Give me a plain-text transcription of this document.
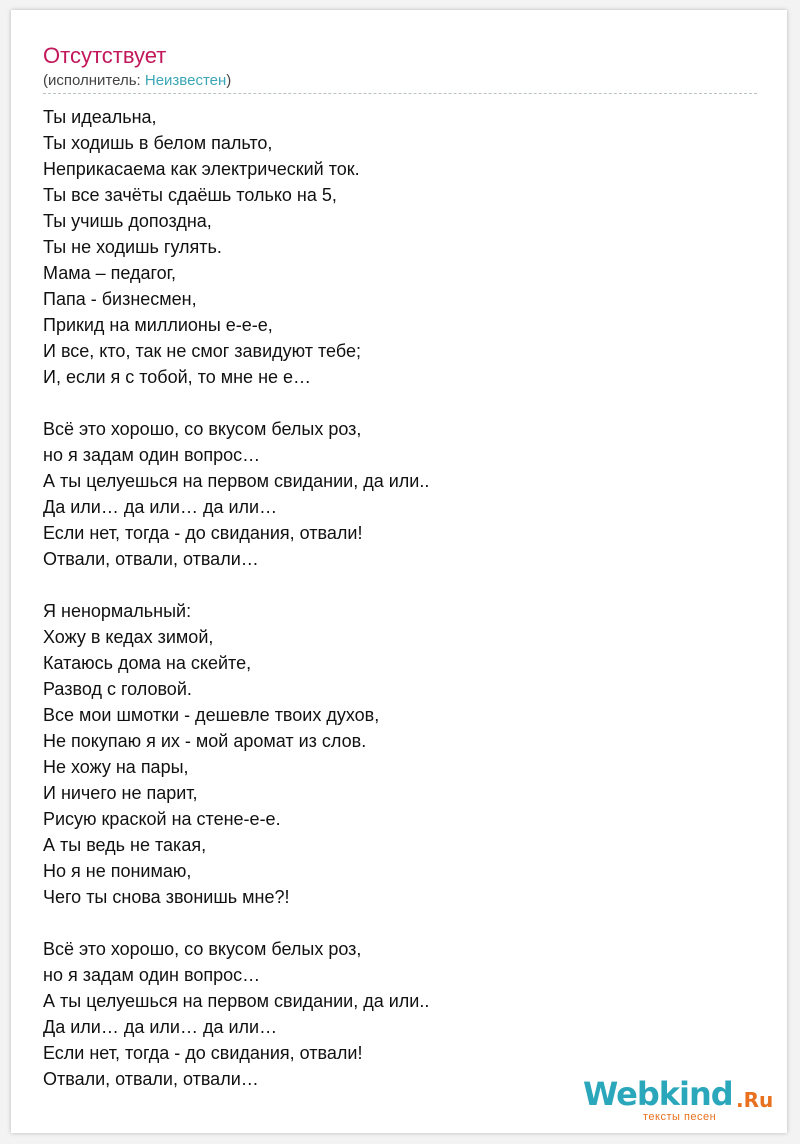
Отсутствует
(исполнитель: Неизвестен)
Ты идеальна,
Ты ходишь в белом пальто,
Неприкасаема как электрический ток.
Ты все зачёты сдаёшь только на 5,
Ты учишь допоздна,
Ты не ходишь гулять.
Мама – педагог,
Папа - бизнесмен,
Прикид на миллионы е-е-е,
И все, кто, так не смог завидуют тебе;
И, если я с тобой, то мне не е…
Всё это хорошо, со вкусом белых роз,
но я задам один вопрос…
А ты целуешься на первом свидании, да или..
Да или… да или… да или…
Если нет, тогда - до свидания, отвали!
Отвали, отвали, отвали…
Я ненормальный:
Хожу в кедах зимой,
Катаюсь дома на скейте,
Развод с головой.
Все мои шмотки - дешевле твоих духов,
Не покупаю я их - мой аромат из слов.
Не хожу на пары,
И ничего не парит,
Рисую краской на стене-е-е.
А ты ведь не такая,
Но я не понимаю,
Чего ты снова звонишь мне?!
Всё это хорошо, со вкусом белых роз,
но я задам один вопрос…
А ты целуешься на первом свидании, да или..
Да или… да или… да или…
Если нет, тогда - до свидания, отвали!
Отвали, отвали, отвали…	Webkind .Ru
тексты песен
